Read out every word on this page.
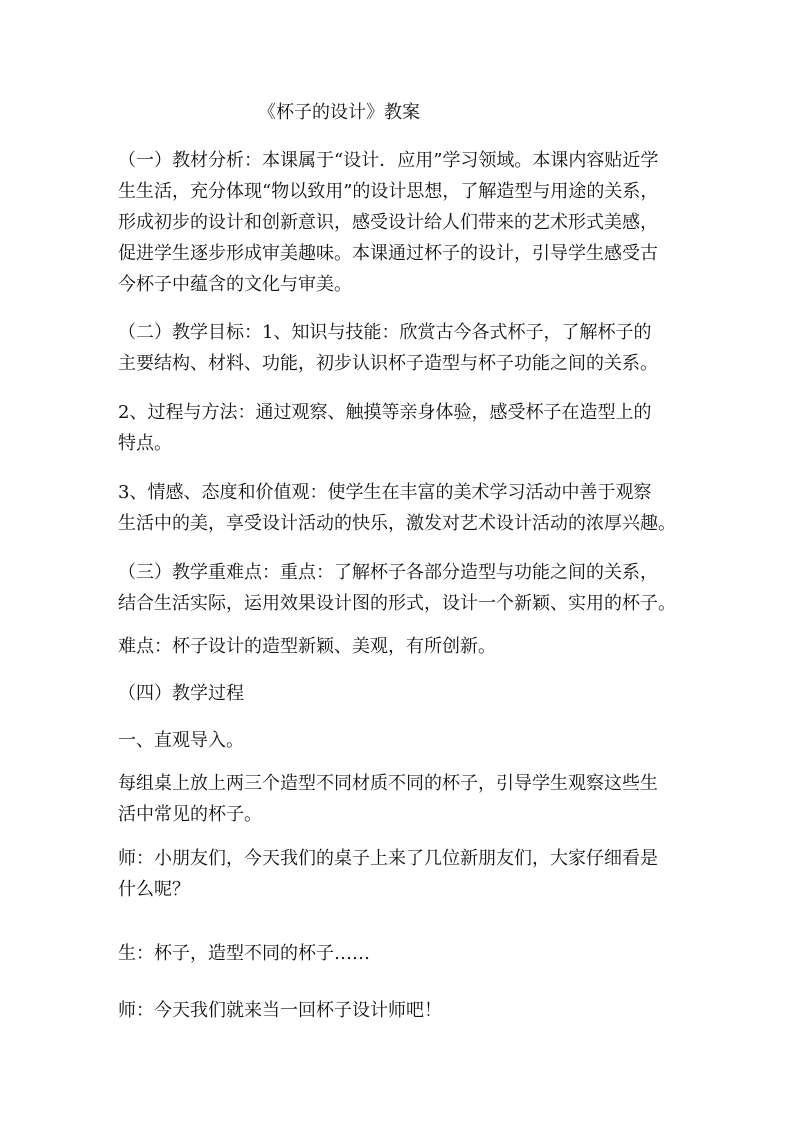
《杯子的设计》教案
（一）教材分析：本课属于“设计．应用”学习领域。本课内容贴近学
生生活，充分体现“物以致用”的设计思想，了解造型与用途的关系，
形成初步的设计和创新意识，感受设计给人们带来的艺术形式美感，
促进学生逐步形成审美趣味。本课通过杯子的设计，引导学生感受古
今杯子中蕴含的文化与审美。
（二）教学目标：1、知识与技能：欣赏古今各式杯子，了解杯子的
主要结构、材料、功能，初步认识杯子造型与杯子功能之间的关系。
2、过程与方法：通过观察、触摸等亲身体验，感受杯子在造型上的
特点。
3、情感、态度和价值观：使学生在丰富的美术学习活动中善于观察
生活中的美，享受设计活动的快乐，激发对艺术设计活动的浓厚兴趣。
（三）教学重难点：重点：了解杯子各部分造型与功能之间的关系，
结合生活实际，运用效果设计图的形式，设计一个新颖、实用的杯子。
难点：杯子设计的造型新颖、美观，有所创新。
（四）教学过程
一、直观导入。
每组桌上放上两三个造型不同材质不同的杯子，引导学生观察这些生
活中常见的杯子。
师：小朋友们，今天我们的桌子上来了几位新朋友们，大家仔细看是
什么呢？
生：杯子，造型不同的杯子……
师：今天我们就来当一回杯子设计师吧！
